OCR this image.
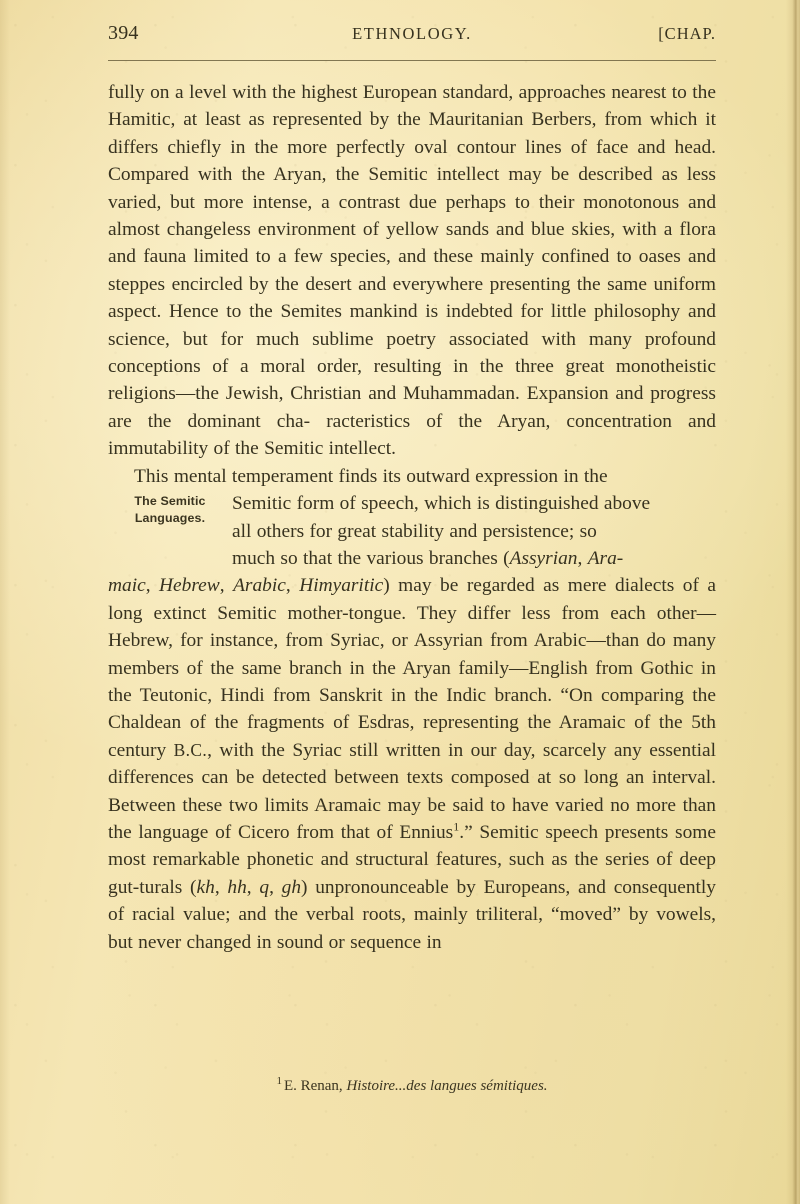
394	ETHNOLOGY.	[CHAP.

fully on a level with the highest European standard, approaches nearest to the Hamitic, at least as represented by the Mauritanian Berbers, from which it differs chiefly in the more perfectly oval contour lines of face and head. Compared with the Aryan, the Semitic intellect may be described as less varied, but more intense, a contrast due perhaps to their monotonous and almost changeless environment of yellow sands and blue skies, with a flora and fauna limited to a few species, and these mainly confined to oases and steppes encircled by the desert and everywhere presenting the same uniform aspect. Hence to the Semites mankind is indebted for little philosophy and science, but for much sublime poetry associated with many profound conceptions of a moral order, resulting in the three great monotheistic religions—the Jewish, Christian and Muhammadan. Expansion and progress are the dominant cha- racteristics of the Aryan, concentration and immutability of the Semitic intellect.

The Semitic
Languages.

This mental temperament finds its outward expression in the

Semitic form of speech, which is distinguished above

all others for great stability and persistence; so

much so that the various branches (Assyrian, Ara-

maic, Hebrew, Arabic, Himyaritic) may be regarded as mere dialects of a long extinct Semitic mother-tongue. They differ less from each other—Hebrew, for instance, from Syriac, or Assyrian from Arabic—than do many members of the same branch in the Aryan family—English from Gothic in the Teutonic, Hindi from Sanskrit in the Indic branch. “On comparing the Chaldean of the fragments of Esdras, representing the Aramaic of the 5th century B.C., with the Syriac still written in our day, scarcely any essential differences can be detected between texts composed at so long an interval. Between these two limits Aramaic may be said to have varied no more than the language of Cicero from that of Ennius$^1$.” Semitic speech presents some most remarkable phonetic and structural features, such as the series of deep gut-turals (kh, hh, q, gh) unpronounceable by Europeans, and consequently of racial value; and the verbal roots, mainly triliteral, “moved” by vowels, but never changed in sound or sequence in

$^1$ E. Renan, Histoire...des langues sémitiques.
